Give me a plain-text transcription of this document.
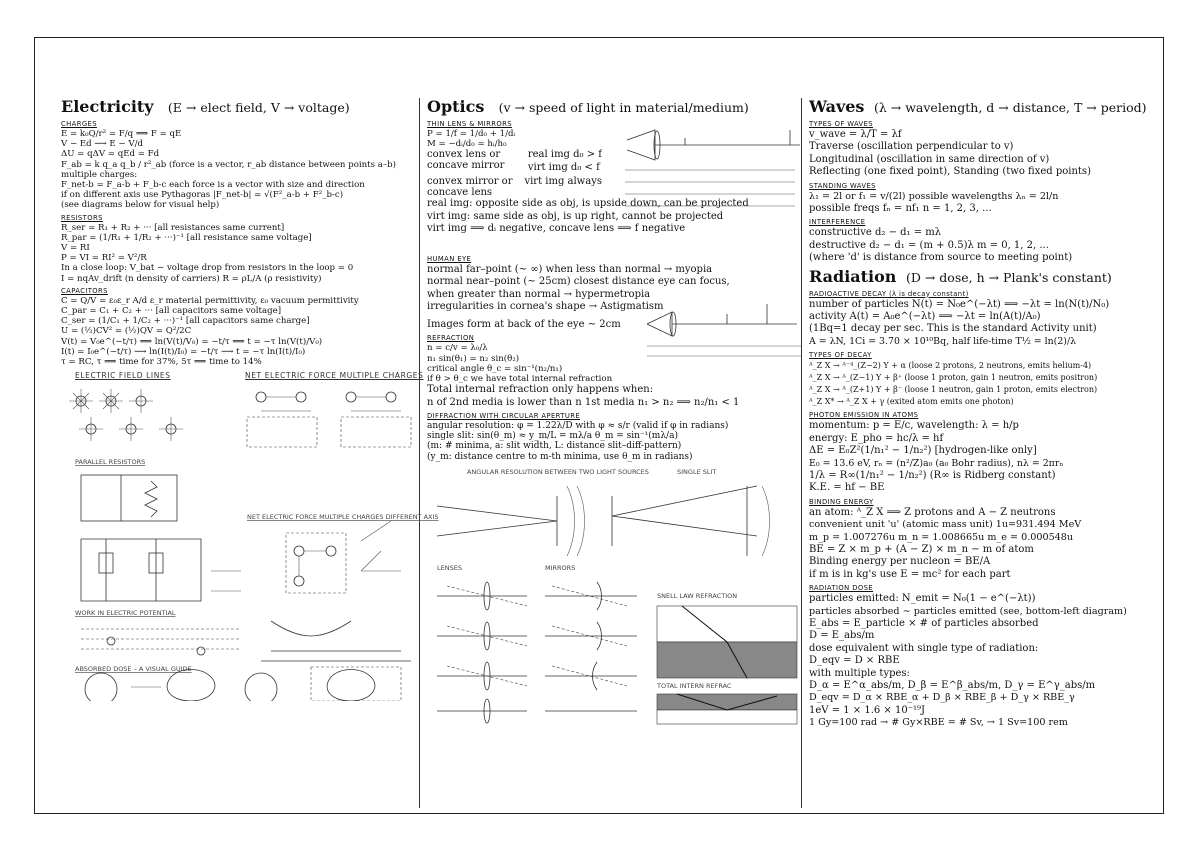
Electricity (E → elect field, V → voltage)
CHARGES
E = k₀Q/r² = F/q ⟹ F = qE
V − Ed ⟶ E − V/d
ΔU = qΔV = qEd = Fd
F_ab = k q_a q_b / r²_ab (force is a vector, r_ab distance between points a–b)
multiple charges:
F_net-b = F_a-b + F_b-c each force is a vector with size and direction
if on different axis use Pythagoras |F_net-b| = √(F²_a-b + F²_b-c)
(see diagrams below for visual help)
RESISTORS
R_ser = R₁ + R₂ + ··· [all resistances same current]
R_par = (1/R₁ + 1/R₂ + ···)⁻¹ [all resistance same voltage]
V = RI
P = VI = RI² = V²/R
In a close loop: V_bat − voltage drop from resistors in the loop = 0
I = nqAv_drift (n density of carriers) R = ρL/A (ρ resistivity)
CAPACITORS
C = Q/V = ε₀ε_r A/d ε_r material permittivity, ε₀ vacuum permittivity
C_par = C₁ + C₂ + ··· [all capacitors same voltage]
C_ser = (1/C₁ + 1/C₂ + ···)⁻¹ [all capacitors same charge]
U = (½)CV² = (½)QV = Q²/2C
V(t) = V₀e^(−t/τ) ⟹ ln(V(t)/V₀) = −t/τ ⟹ t = −τ ln(V(t)/V₀)
I(t) = I₀e^(−t/τ) ⟶ ln(I(t)/I₀) = −t/τ ⟶ t = −τ ln(I(t)/I₀)
τ = RC, τ ⟹ time for 37%, 5τ ⟹ time to 14%
ELECTRIC FIELD LINES	NET ELECTRIC FORCE MULTIPLE CHARGES
PARALLEL RESISTORS
NET ELECTRIC FORCE MULTIPLE CHARGES DIFFERENT AXIS
WORK IN ELECTRIC POTENTIAL
ABSORBED DOSE – A VISUAL GUIDE
Optics (v → speed of light in material/medium)
THIN LENS & MIRRORS
P = 1/f = 1/d₀ + 1/dᵢ
M = −dᵢ/d₀ = hᵢ/h₀
convex lens or concave mirror
real img d₀ > f
virt img d₀ < f
convex mirror or concave lens
virt img always
real img: opposite side as obj, is upside down, can be projected
virt img: same side as obj, is up right, cannot be projected
virt img ⟹ dᵢ negative, concave lens ⟹ f negative
HUMAN EYE
normal far–point (∼ ∞) when less than normal → myopia
normal near–point (∼ 25cm) closest distance eye can focus,
when greater than normal → hypermetropia
irregularities in cornea's shape → Astigmatism
Images form at back of the eye ∼ 2cm
REFRACTION
n = c/v = λ₀/λ
n₁ sin(θ₁) = n₂ sin(θ₂)
critical angle θ_c = sin⁻¹(n₂/n₁)
if θ > θ_c we have total internal refraction
Total internal refraction only happens when:
n of 2nd media is lower than n 1st media n₁ > n₂ ⟹ n₂/n₁ < 1
DIFFRACTION WITH CIRCULAR APERTURE
angular resolution: φ = 1.22λ/D with φ ≈ s/r (valid if φ in radians)
single slit: sin(θ_m) ≈ y_m/L = mλ/a θ_m = sin⁻¹(mλ/a)
(m: # minima, a: slit width, L: distance slit–diff-pattern)
(y_m: distance centre to m-th minima, use θ_m in radians)
ANGULAR RESOLUTION BETWEEN TWO LIGHT SOURCES	SINGLE SLIT
LENSES	MIRRORS
SNELL LAW REFRACTION
TOTAL INTERN REFRAC
Waves (λ → wavelength, d → distance, T → period)
TYPES OF WAVES
v_wave = λ/T = λf
Traverse (oscillation perpendicular to v)
Longitudinal (oscillation in same direction of v)
Reflecting (one fixed point), Standing (two fixed points)
STANDING WAVES
λ₁ = 2l or f₁ = v/(2l) possible wavelengths λₙ = 2l/n
possible freqs fₙ = nf₁ n = 1, 2, 3, ...
INTERFERENCE
constructive d₂ − d₁ = mλ
destructive d₂ − d₁ = (m + 0.5)λ m = 0, 1, 2, ...
(where 'd' is distance from source to meeting point)
Radiation (D → dose, h → Plank's constant)
RADIOACTIVE DECAY (λ is decay constant)
number of particles N(t) = N₀e^(−λt) ⟹ −λt = ln(N(t)/N₀)
activity A(t) = A₀e^(−λt) ⟹ −λt = ln(A(t)/A₀)
(1Bq=1 decay per sec. This is the standard Activity unit)
A = λN, 1Ci = 3.70 × 10¹⁰Bq, half life-time T½ = ln(2)/λ
TYPES OF DECAY
ᴬ_Z X → ᴬ⁻⁴_(Z−2) Y + α (loose 2 protons, 2 neutrons, emits helium-4)
ᴬ_Z X → ᴬ_(Z−1) Y + β⁺ (loose 1 proton, gain 1 neutron, emits positron)
ᴬ_Z X → ᴬ_(Z+1) Y + β⁻ (loose 1 neutron, gain 1 proton, emits electron)
ᴬ_Z X* → ᴬ_Z X + γ (exited atom emits one photon)
PHOTON EMISSION IN ATOMS
momentum: p = E/c, wavelength: λ = h/p
energy: E_pho = hc/λ = hf
ΔE = E₀Z²(1/n₁² − 1/n₂²) [hydrogen-like only]
E₀ = 13.6 eV, rₙ = (n²/Z)a₀ (a₀ Bohr radius), nλ = 2πrₙ
1/λ = R∞(1/n₁² − 1/n₂²) (R∞ is Ridberg constant)
K.E. = hf − BE
BINDING ENERGY
an atom: ᴬ_Z X ⟹ Z protons and A − Z neutrons
convenient unit 'u' (atomic mass unit) 1u=931.494 MeV
m_p = 1.007276u m_n = 1.008665u m_e = 0.000548u
BE = Z × m_p + (A − Z) × m_n − m of atom
Binding energy per nucleon = BE/A
if m is in kg's use E = mc² for each part
RADIATION DOSE
particles emitted: N_emit = N₀(1 − e^(−λt))
particles absorbed ∼ particles emitted (see, bottom-left diagram)
E_abs = E_particle × # of particles absorbed
D = E_abs/m
dose equivalent with single type of radiation:
D_eqv = D × RBE
with multiple types:
D_α = E^α_abs/m, D_β = E^β_abs/m, D_γ = E^γ_abs/m
D_eqv = D_α × RBE_α + D_β × RBE_β + D_γ × RBE_γ
1eV = 1 × 1.6 × 10⁻¹⁹J
1 Gy=100 rad → # Gy×RBE = # Sv, → 1 Sv=100 rem
